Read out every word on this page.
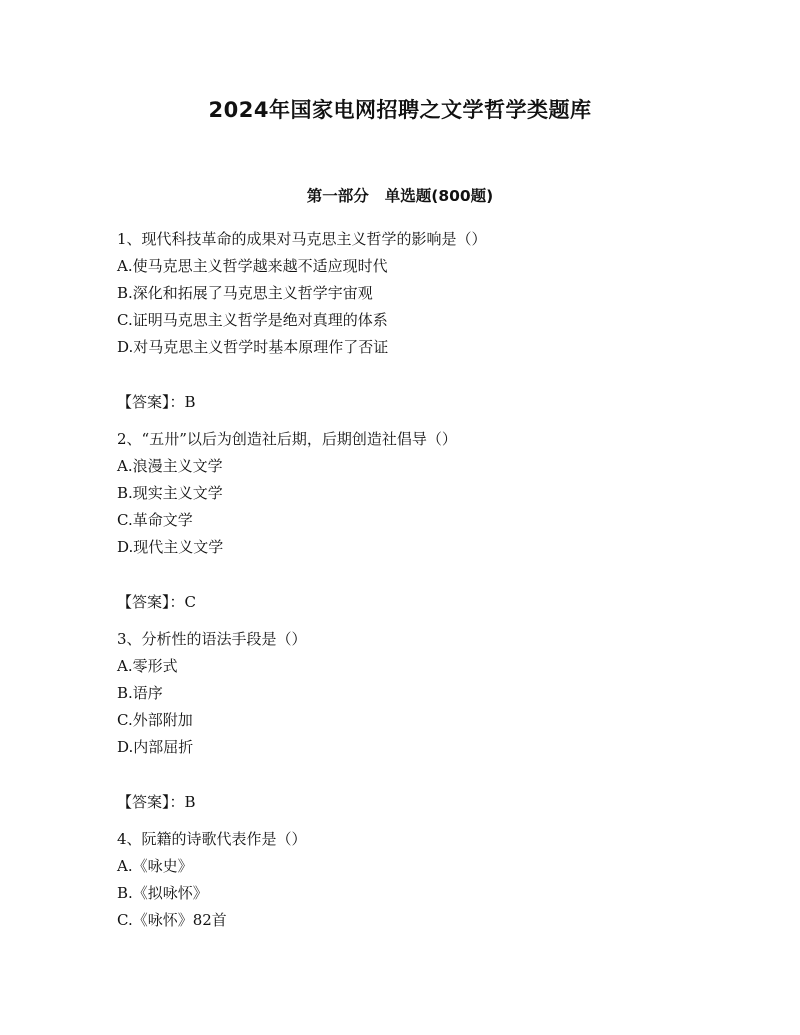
2024年国家电网招聘之文学哲学类题库
第一部分 单选题(800题)
1、现代科技革命的成果对马克思主义哲学的影响是（）
A.使马克思主义哲学越来越不适应现时代
B.深化和拓展了马克思主义哲学宇宙观
C.证明马克思主义哲学是绝对真理的体系
D.对马克思主义哲学时基本原理作了否证
【答案】：B
2、“五卅”以后为创造社后期，后期创造社倡导（）
A.浪漫主义文学
B.现实主义文学
C.革命文学
D.现代主义文学
【答案】：C
3、分析性的语法手段是（）
A.零形式
B.语序
C.外部附加
D.内部屈折
【答案】：B
4、阮籍的诗歌代表作是（）
A.《咏史》
B.《拟咏怀》
C.《咏怀》82首
